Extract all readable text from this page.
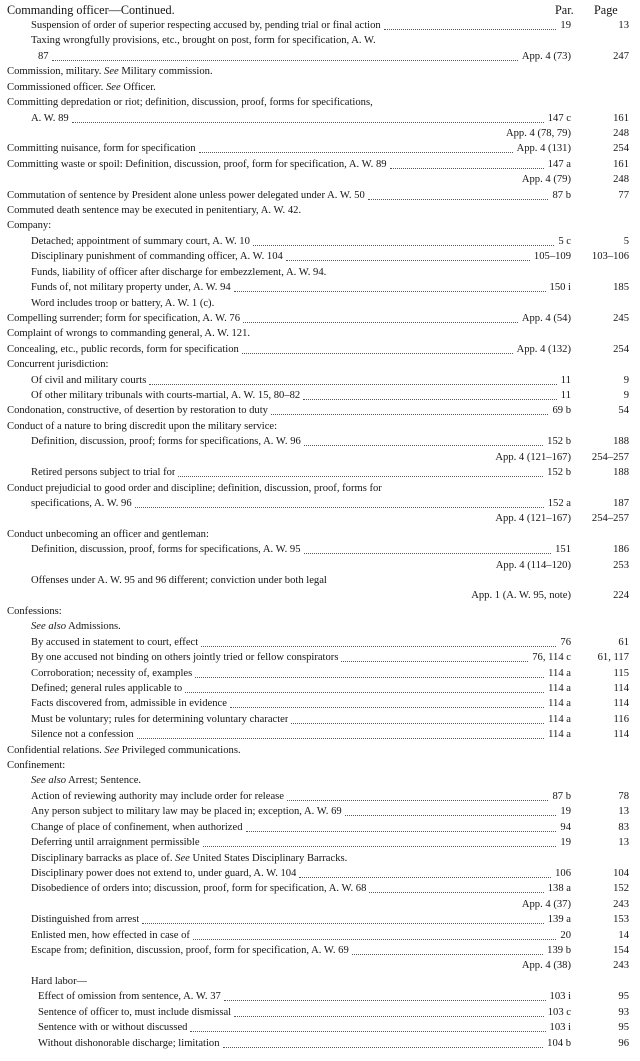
Commanding officer—Continued.	Par. Page
Suspension of order of superior respecting accused by, pending trial or final action	19	13
Taxing wrongfully provisions, etc., brought on post, form for specification, A. W.
87	App. 4 (73)	247
Commission, military. See Military commission.
Commissioned officer. See Officer.
Committing depredation or riot; definition, discussion, proof, forms for specifications,
A. W. 89	147 c	161
App. 4 (78, 79)	248
Committing nuisance, form for specification	App. 4 (131)	254
Committing waste or spoil: Definition, discussion, proof, form for specification, A. W. 89	147 a	161
App. 4 (79)	248
Commutation of sentence by President alone unless power delegated under A. W. 50	87 b	77
Commuted death sentence may be executed in penitentiary, A. W. 42.
Company:
Detached; appointment of summary court, A. W. 10	5 c	5
Disciplinary punishment of commanding officer, A. W. 104	105–109	103–106
Funds, liability of officer after discharge for embezzlement, A. W. 94.
Funds of, not military property under, A. W. 94	150 i	185
Word includes troop or battery, A. W. 1 (c).
Compelling surrender; form for specification, A. W. 76	App. 4 (54)	245
Complaint of wrongs to commanding general, A. W. 121.
Concealing, etc., public records, form for specification	App. 4 (132)	254
Concurrent jurisdiction:
Of civil and military courts	11	9
Of other military tribunals with courts-martial, A. W. 15, 80–82	11	9
Condonation, constructive, of desertion by restoration to duty	69 b	54
Conduct of a nature to bring discredit upon the military service:
Definition, discussion, proof; forms for specifications, A. W. 96	152 b	188
App. 4 (121–167)	254–257
Retired persons subject to trial for	152 b	188
Conduct prejudicial to good order and discipline; definition, discussion, proof, forms for
specifications, A. W. 96	152 a	187
App. 4 (121–167)	254–257
Conduct unbecoming an officer and gentleman:
Definition, discussion, proof, forms for specifications, A. W. 95	151	186
App. 4 (114–120)	253
Offenses under A. W. 95 and 96 different; conviction under both legal
App. 1 (A. W. 95, note)	224
Confessions:
See also Admissions.
By accused in statement to court, effect	76	61
By one accused not binding on others jointly tried or fellow conspirators	76, 114 c	61, 117
Corroboration; necessity of, examples	114 a	115
Defined; general rules applicable to	114 a	114
Facts discovered from, admissible in evidence	114 a	114
Must be voluntary; rules for determining voluntary character	114 a	116
Silence not a confession	114 a	114
Confidential relations. See Privileged communications.
Confinement:
See also Arrest; Sentence.
Action of reviewing authority may include order for release	87 b	78
Any person subject to military law may be placed in; exception, A. W. 69	19	13
Change of place of confinement, when authorized	94	83
Deferring until arraignment permissible	19	13
Disciplinary barracks as place of. See United States Disciplinary Barracks.
Disciplinary power does not extend to, under guard, A. W. 104	106	104
Disobedience of orders into; discussion, proof, form for specification, A. W. 68	138 a	152
App. 4 (37)	243
Distinguished from arrest	139 a	153
Enlisted men, how effected in case of	20	14
Escape from; definition, discussion, proof, form for specification, A. W. 69	139 b	154
App. 4 (38)	243
Hard labor—
Effect of omission from sentence, A. W. 37	103 i	95
Sentence of officer to, must include dismissal	103 c	93
Sentence with or without discussed	103 i	95
Without dishonorable discharge; limitation	104 b	96
